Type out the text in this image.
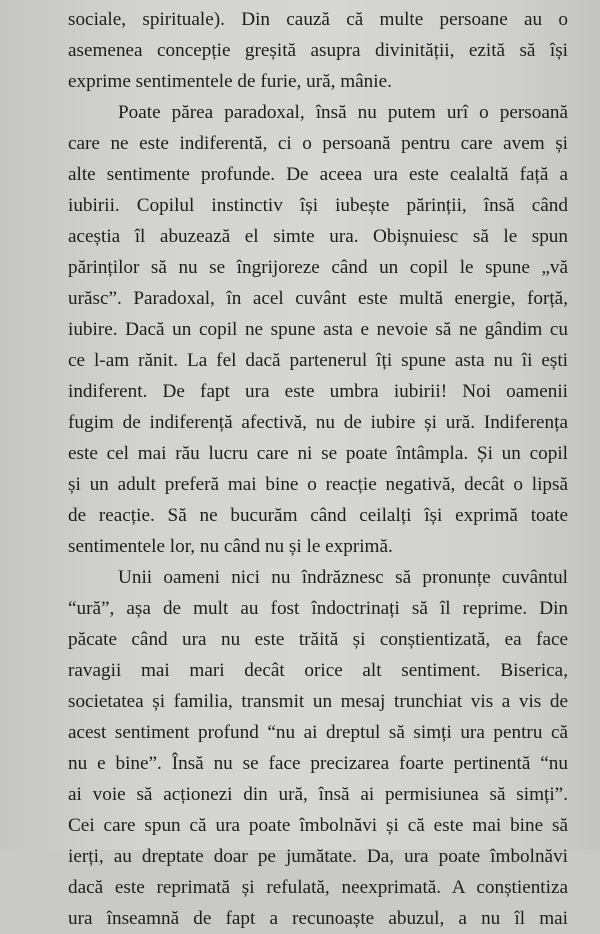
sociale, spirituale). Din cauză că multe persoane au o
asemenea concepție greșită asupra divinității, ezită să își
exprime sentimentele de furie, ură, mânie.
Poate părea paradoxal, însă nu putem urî o persoană
care ne este indiferentă, ci o persoană pentru care avem și
alte sentimente profunde. De aceea ura este cealaltă față a
iubirii. Copilul instinctiv își iubește părinții, însă când
aceștia îl abuzează el simte ura. Obișnuiesc să le spun
părinților să nu se îngrijoreze când un copil le spune „vă
urăsc”. Paradoxal, în acel cuvânt este multă energie, forță,
iubire. Dacă un copil ne spune asta e nevoie să ne gândim cu
ce l-am rănit. La fel dacă partenerul îți spune asta nu îi ești
indiferent. De fapt ura este umbra iubirii! Noi oamenii
fugim de indiferență afectivă, nu de iubire și ură. Indiferența
este cel mai rău lucru care ni se poate întâmpla. Și un copil
și un adult preferă mai bine o reacție negativă, decât o lipsă
de reacție. Să ne bucurăm când ceilalți își exprimă toate
sentimentele lor, nu când nu și le exprimă.
Unii oameni nici nu îndrăznesc să pronunțe cuvântul
“ură”, așa de mult au fost îndoctrinați să îl reprime. Din
păcate când ura nu este trăită și conștientizată, ea face
ravagii mai mari decât orice alt sentiment. Biserica,
societatea și familia, transmit un mesaj trunchiat vis a vis de
acest sentiment profund “nu ai dreptul să simți ura pentru că
nu e bine”. Însă nu se face precizarea foarte pertinentă “nu
ai voie să acționezi din ură, însă ai permisiunea să simți”.
Cei care spun că ura poate îmbolnăvi și că este mai bine să
ierți, au dreptate doar pe jumătate. Da, ura poate îmbolnăvi
dacă este reprimată și refulată, neexprimată. A conștientiza
ura înseamnă de fapt a recunoaște abuzul, a nu îl mai
